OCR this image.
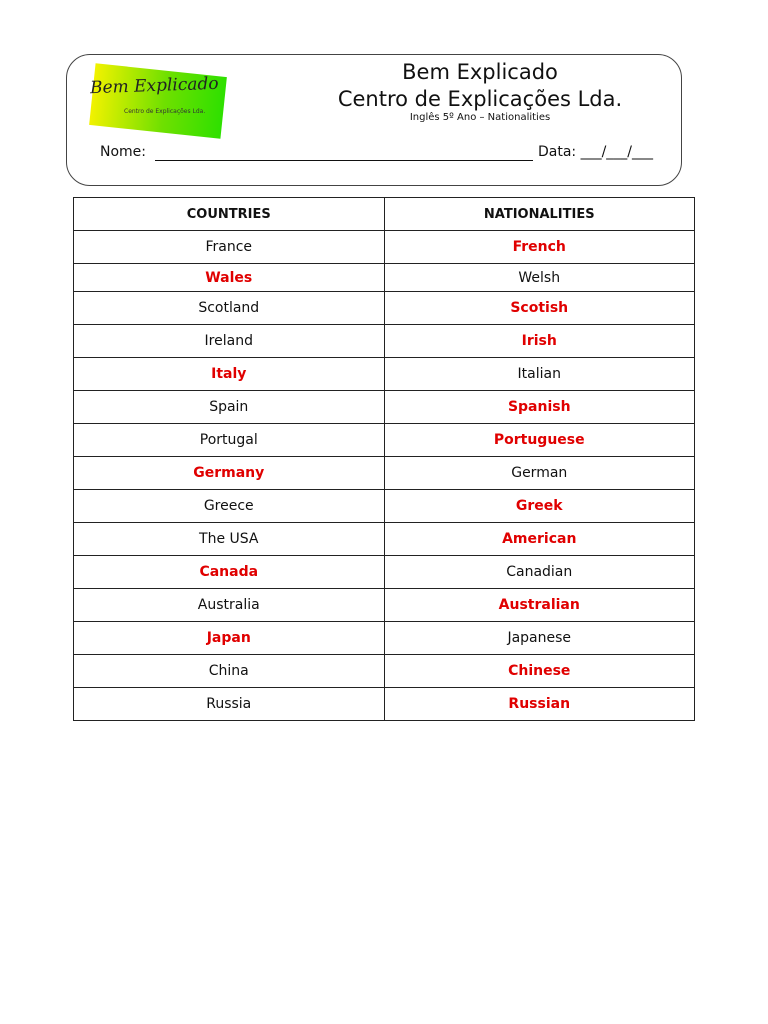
Bem Explicado
Centro de Explicações Lda.
Bem Explicado
Centro de Explicações Lda.
Inglês 5º Ano – Nationalities
Nome:	Data: ___/___/___
COUNTRIES	NATIONALITIES
France	French
Wales	Welsh
Scotland	Scotish
Ireland	Irish
Italy	Italian
Spain	Spanish
Portugal	Portuguese
Germany	German
Greece	Greek
The USA	American
Canada	Canadian
Australia	Australian
Japan	Japanese
China	Chinese
Russia	Russian
